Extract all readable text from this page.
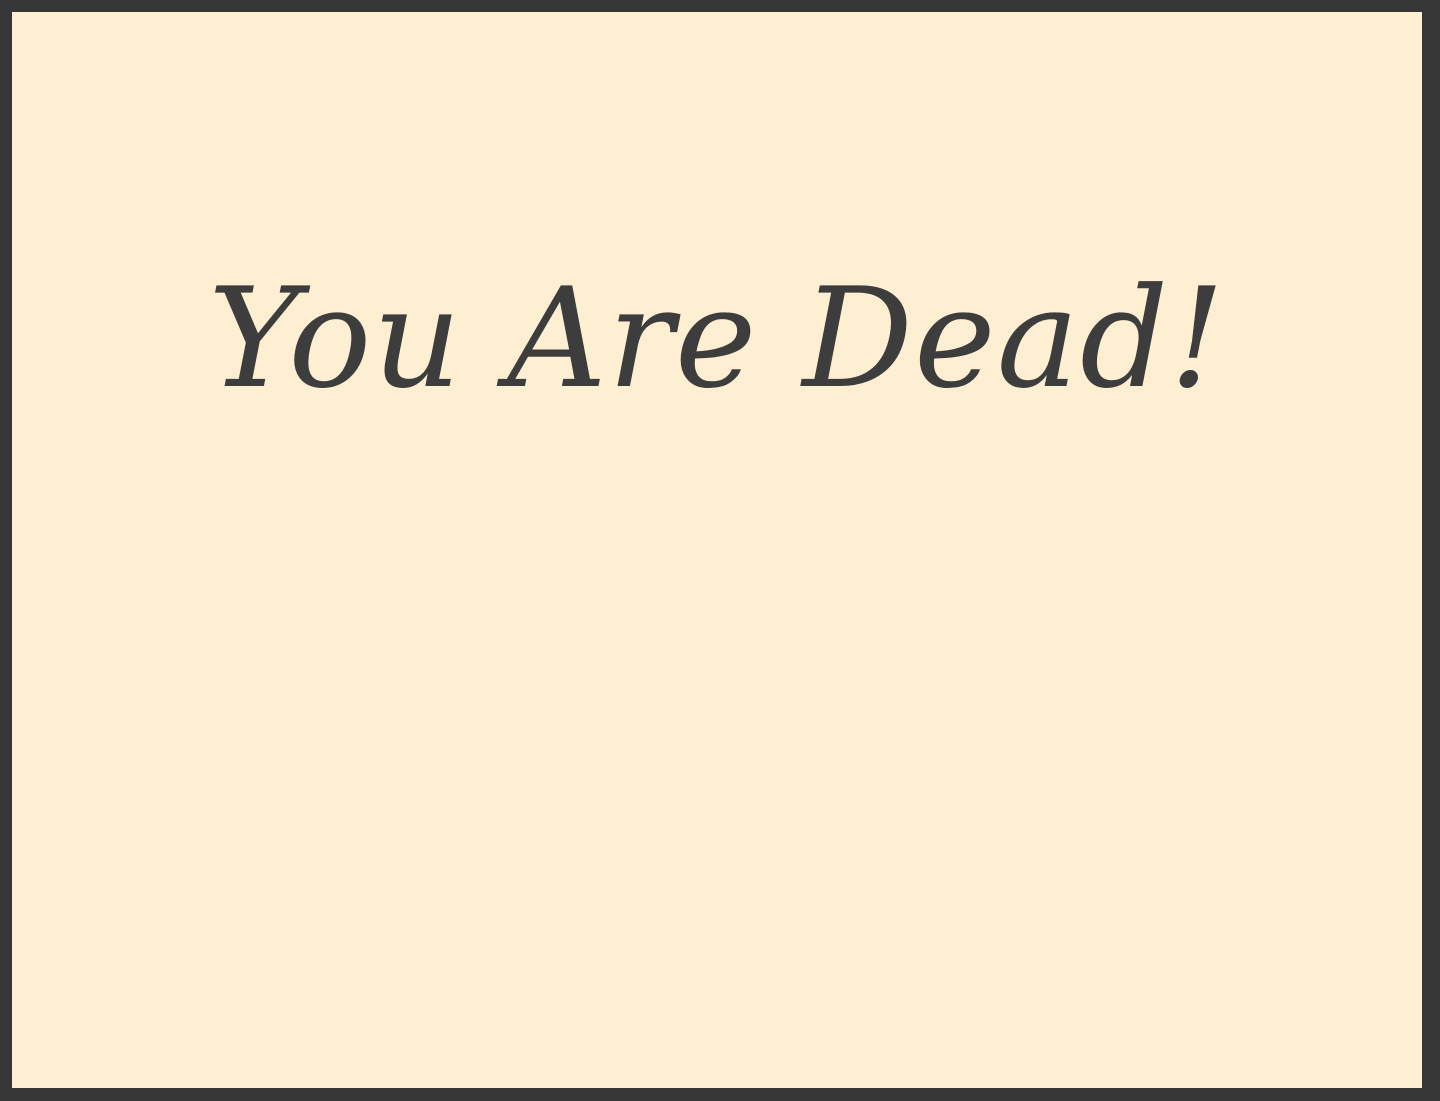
You Are Dead!
